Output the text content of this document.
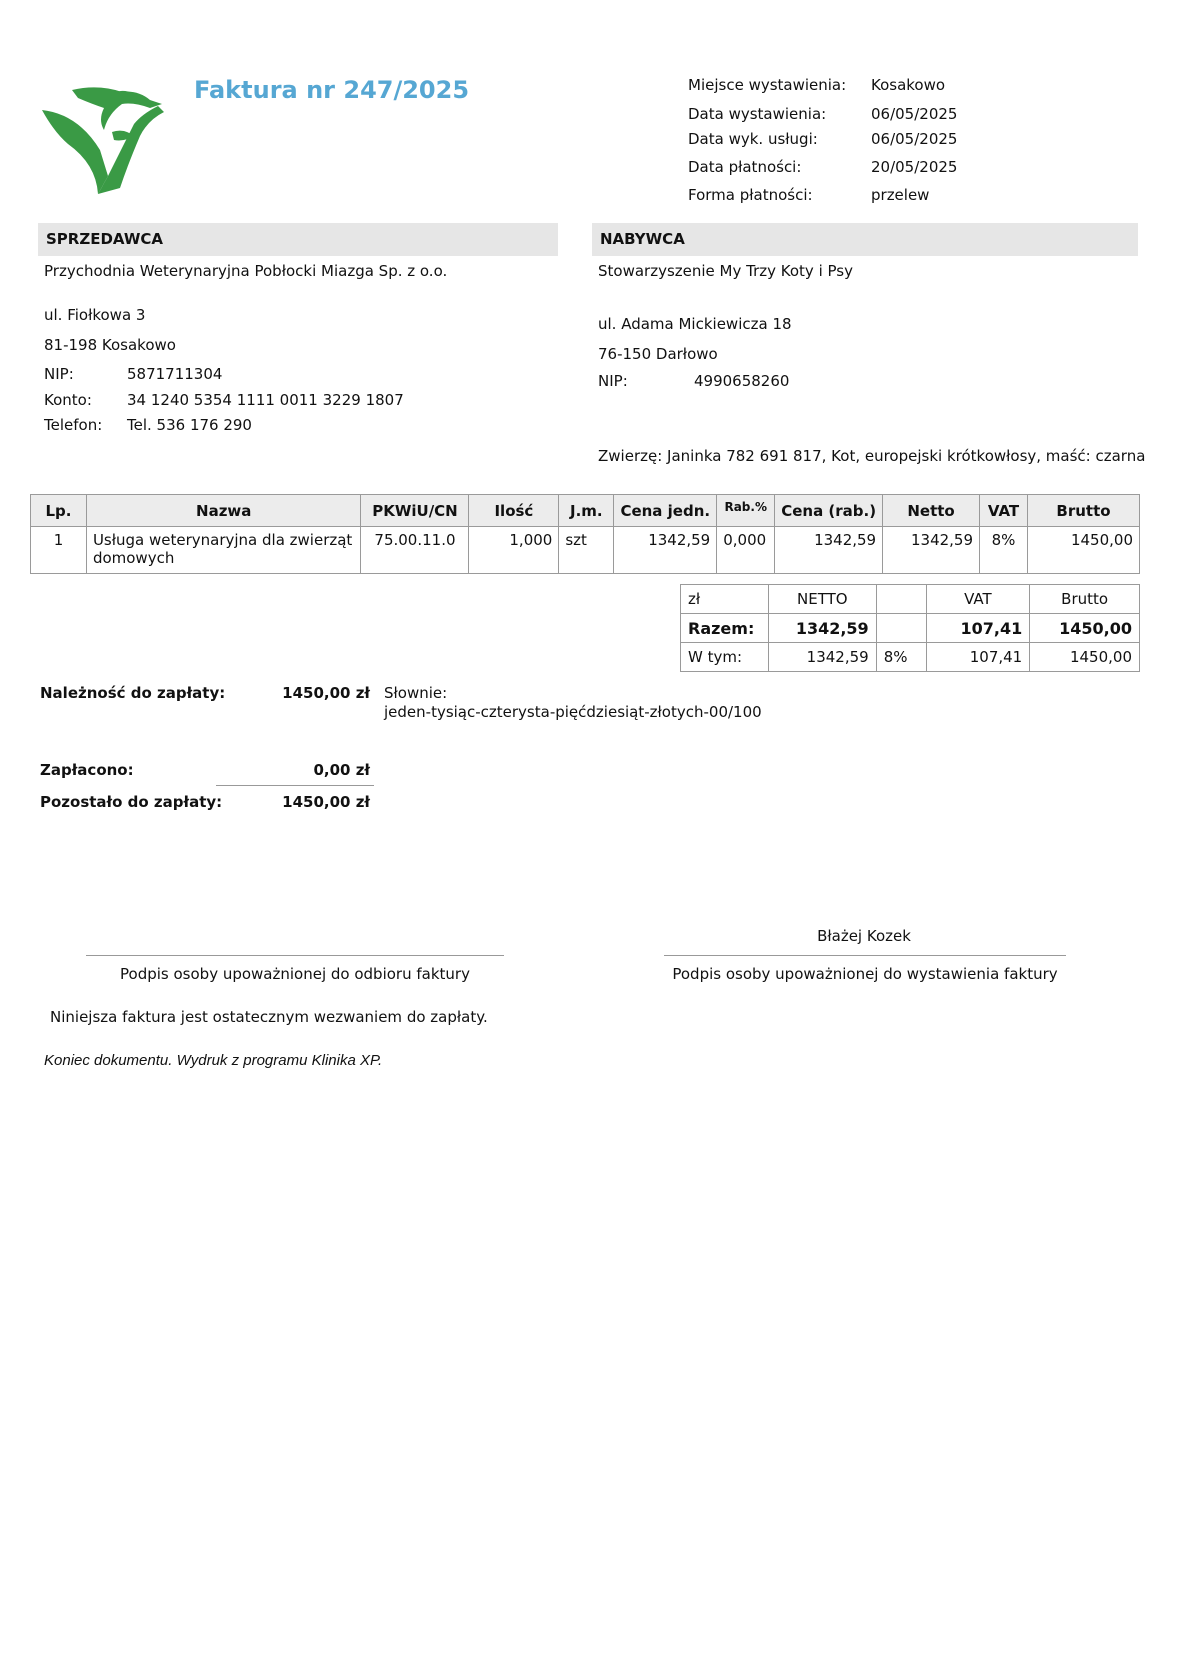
Faktura nr 247/2025	Miejsce wystawienia: Kosakowo
Data wystawienia:	06/05/2025
Data wyk. usługi:	06/05/2025
Data płatności:	20/05/2025
Forma płatności:	przelew
SPRZEDAWCA
Przychodnia Weterynaryjna Pobłocki Miazga Sp. z o.o.
ul. Fiołkowa 3
81-198 Kosakowo
NIP:	5871711304
Konto: 34 1240 5354 1111 0011 3229 1807
Telefon: Tel. 536 176 290
NABYWCA
Stowarzyszenie My Trzy Koty i Psy
ul. Adama Mickiewicza 18
76-150 Darłowo
NIP:	4990658260
Zwierzę: Janinka 782 691 817, Kot, europejski krótkowłosy, maść: czarna
Lp.	Nazwa	PKWiU/CN	Ilość	J.m.	Cena jedn.	Rab.%	Cena (rab.)	Netto	VAT	Brutto
1	Usługa weterynaryjna dla zwierząt domowych	75.00.11.0	1,000	szt	1342,59	0,000	1342,59	1342,59	8%	1450,00
zł	NETTO		VAT	Brutto
Razem:	1342,59		107,41	1450,00
W tym:	1342,59	8%	107,41	1450,00
Należność do zapłaty:	1450,00 zł Słownie:
jeden-tysiąc-czterysta-pięćdziesiąt-złotych-00/100
Zapłacono:	0,00 zł
Pozostało do zapłaty:	1450,00 zł
Błażej Kozek
Podpis osoby upoważnionej do odbioru faktury	Podpis osoby upoważnionej do wystawienia faktury
Niniejsza faktura jest ostatecznym wezwaniem do zapłaty.
Koniec dokumentu. Wydruk z programu Klinika XP.
